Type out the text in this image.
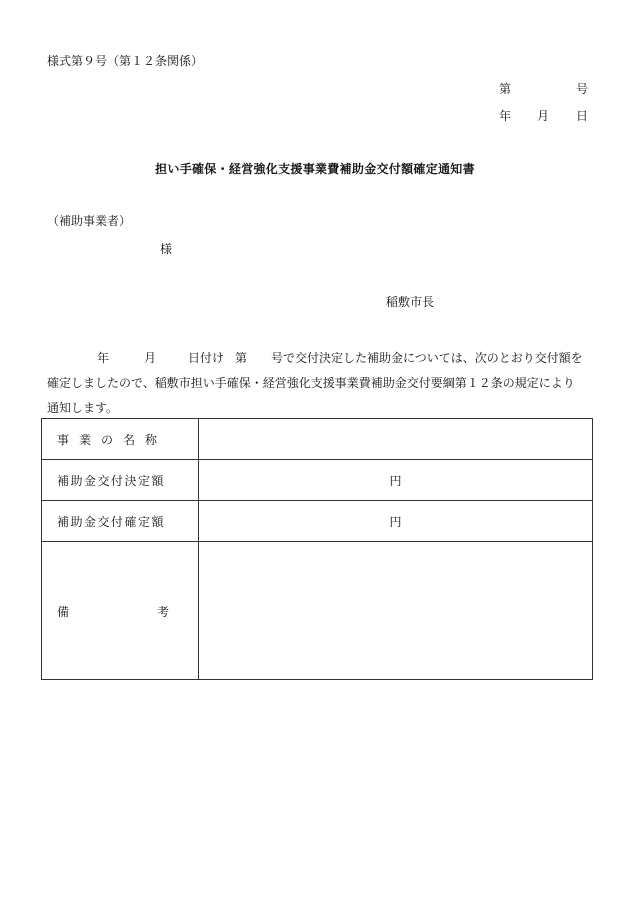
様式第９号（第１２条関係）
第	号
年 月 日
担い手確保・経営強化支援事業費補助金交付額確定通知書
（補助事業者）
様
稲敷市長
年	月	日付け 第 号で交付決定した補助金については、次のとおり交付額を
確定しましたので、稲敷市担い手確保・経営強化支援事業費補助金交付要綱第１２条の規定により
通知します。
事業の名称	
補助金交付決定額	円
補助金交付確定額	円

備 考	
